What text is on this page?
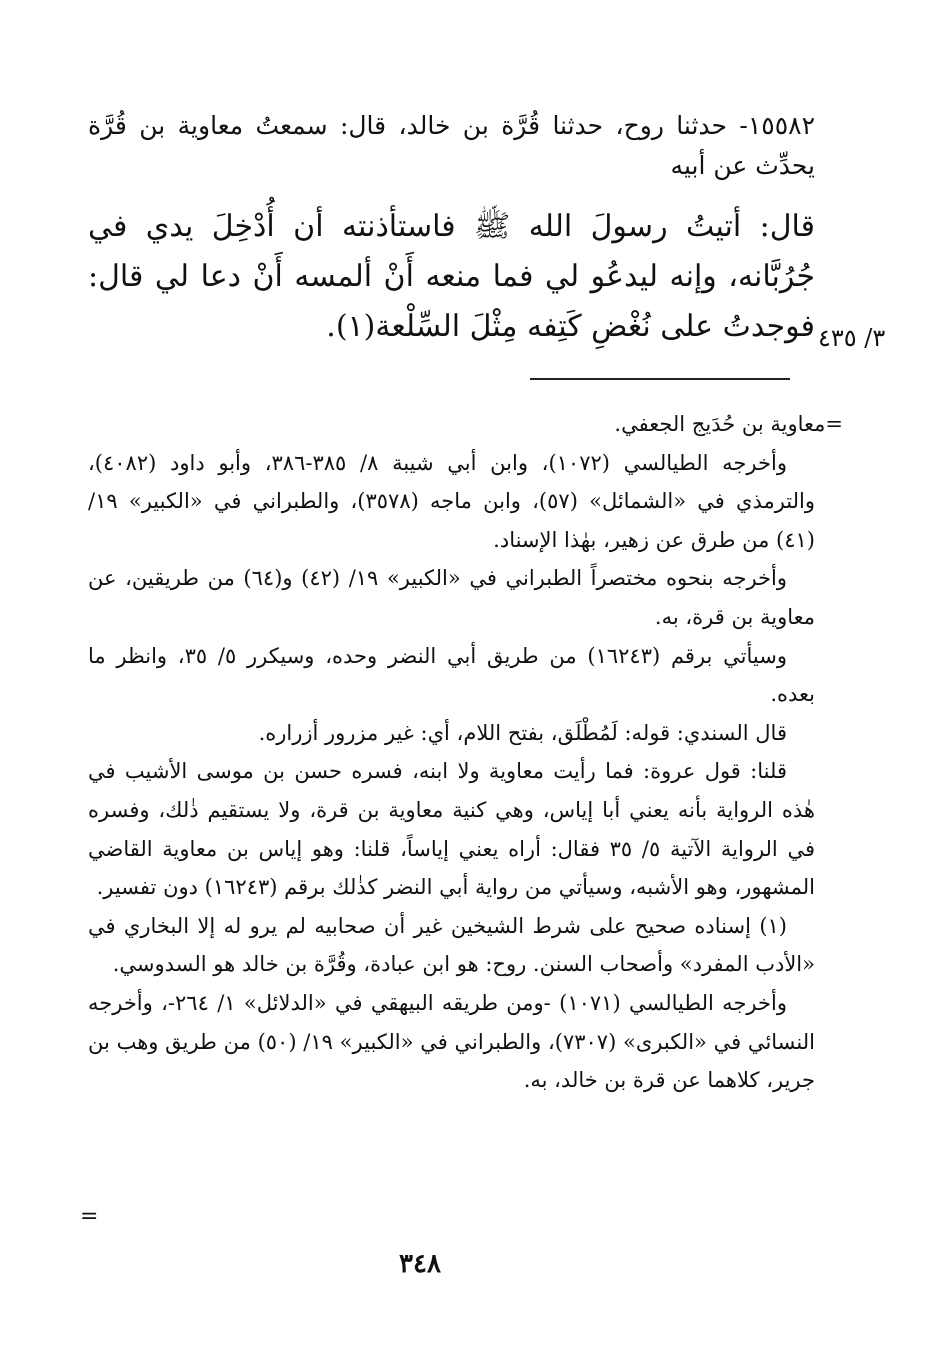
١٥٥٨٢- حدثنا روح، حدثنا قُرَّة بن خالد، قال: سمعتُ معاوية بن قُرَّة يحدِّث عن أبيه
قال: أتيتُ رسولَ الله ﷺ فاستأذنته أن أُدْخِلَ يدي في جُرُبَّانه، وإنه ليدعُو لي فما منعه أَنْ ألمسه أَنْ دعا لي قال: فوجدتُ على نُغْضِ كَتِفه مِثْلَ السِّلْعة(١). ٣/ ٤٣٥

=معاوية بن حُدَيج الجعفي.

وأخرجه الطيالسي (١٠٧٢)، وابن أبي شيبة ٨/ ٣٨٥-٣٨٦، وأبو داود (٤٠٨٢)، والترمذي في «الشمائل» (٥٧)، وابن ماجه (٣٥٧٨)، والطبراني في «الكبير» ١٩/ (٤١) من طرق عن زهير، بهٰذا الإسناد.

وأخرجه بنحوه مختصراً الطبراني في «الكبير» ١٩/ (٤٢) و(٦٤) من طريقين، عن معاوية بن قرة، به.

وسيأتي برقم (١٦٢٤٣) من طريق أبي النضر وحده، وسيكرر ٥/ ٣٥، وانظر ما بعده.

قال السندي: قوله: لَمُطْلَق، بفتح اللام، أي: غير مزرور أزراره.

قلنا: قول عروة: فما رأيت معاوية ولا ابنه، فسره حسن بن موسى الأشيب في هٰذه الرواية بأنه يعني أبا إياس، وهي كنية معاوية بن قرة، ولا يستقيم ذٰلك، وفسره في الرواية الآتية ٥/ ٣٥ فقال: أراه يعني إياساً، قلنا: وهو إياس بن معاوية القاضي المشهور، وهو الأشبه، وسيأتي من رواية أبي النضر كذٰلك برقم (١٦٢٤٣) دون تفسير.

(١) إسناده صحيح على شرط الشيخين غير أن صحابيه لم يرو له إلا البخاري في «الأدب المفرد» وأصحاب السنن. روح: هو ابن عبادة، وقُرَّة بن خالد هو السدوسي.

وأخرجه الطيالسي (١٠٧١) -ومن طريقه البيهقي في «الدلائل» ١/ ٢٦٤-، وأخرجه النسائي في «الكبرى» (٧٣٠٧)، والطبراني في «الكبير» ١٩/ (٥٠) من طريق وهب بن جرير، كلاهما عن قرة بن خالد، به.

=
٣٤٨
